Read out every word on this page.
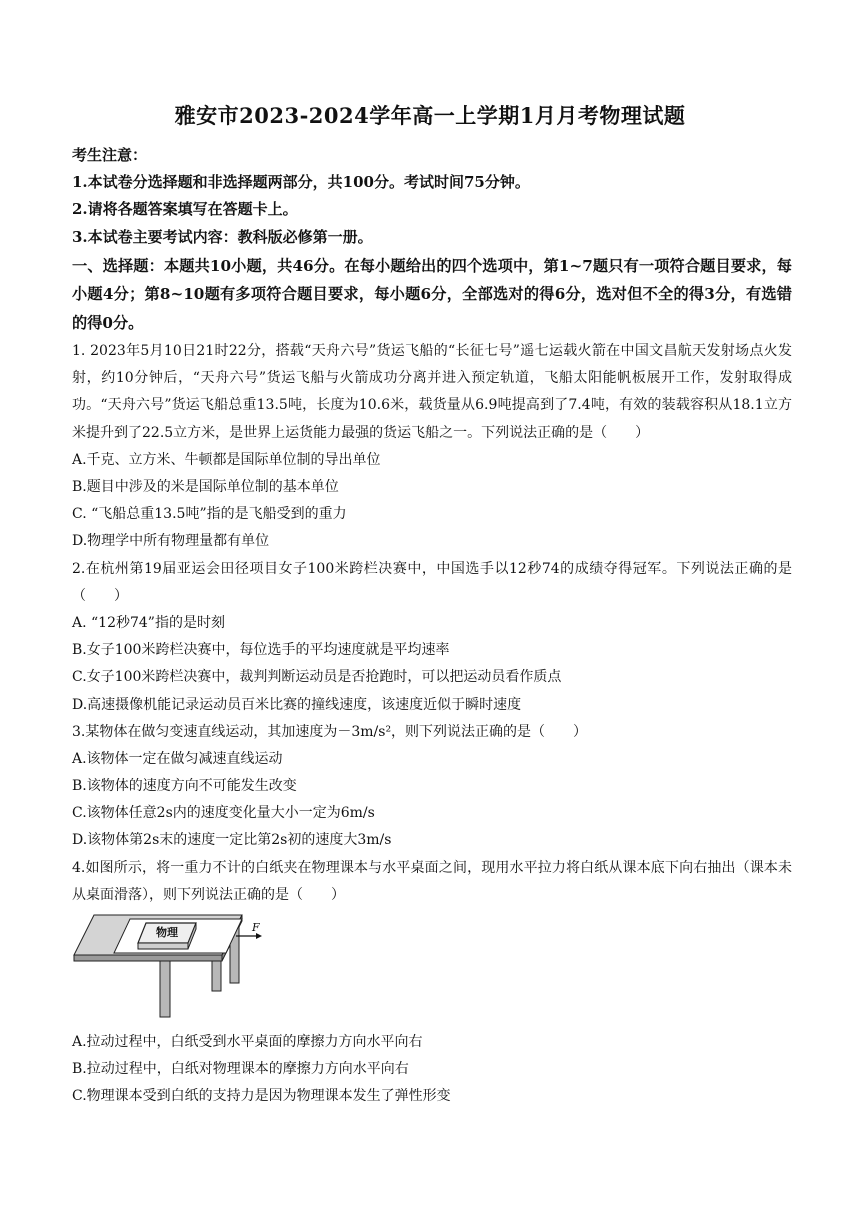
雅安市2023-2024学年高一上学期1月月考物理试题
考生注意：
1.本试卷分选择题和非选择题两部分，共100分。考试时间75分钟。
2.请将各题答案填写在答题卡上。
3.本试卷主要考试内容：教科版必修第一册。
一、选择题：本题共10小题，共46分。在每小题给出的四个选项中，第1~7题只有一项符合题目要求，每小题4分；第8~10题有多项符合题目要求，每小题6分，全部选对的得6分，选对但不全的得3分，有选错的得0分。
1. 2023年5月10日21时22分，搭载“天舟六号”货运飞船的“长征七号”遥七运载火箭在中国文昌航天发射场点火发射，约10分钟后，“天舟六号”货运飞船与火箭成功分离并进入预定轨道，飞船太阳能帆板展开工作，发射取得成功。“天舟六号”货运飞船总重13.5吨，长度为10.6米，载货量从6.9吨提高到了7.4吨，有效的装载容积从18.1立方米提升到了22.5立方米，是世界上运货能力最强的货运飞船之一。下列说法正确的是（　　）
A.千克、立方米、牛顿都是国际单位制的导出单位
B.题目中涉及的米是国际单位制的基本单位
C. “飞船总重13.5吨”指的是飞船受到的重力
D.物理学中所有物理量都有单位
2.在杭州第19届亚运会田径项目女子100米跨栏决赛中，中国选手以12秒74的成绩夺得冠军。下列说法正确的是（　　）
A. “12秒74”指的是时刻
B.女子100米跨栏决赛中，每位选手的平均速度就是平均速率
C.女子100米跨栏决赛中，裁判判断运动员是否抢跑时，可以把运动员看作质点
D.高速摄像机能记录运动员百米比赛的撞线速度，该速度近似于瞬时速度
3.某物体在做匀变速直线运动，其加速度为－3m/s²，则下列说法正确的是（　　）
A.该物体一定在做匀减速直线运动
B.该物体的速度方向不可能发生改变
C.该物体任意2s内的速度变化量大小一定为6m/s
D.该物体第2s末的速度一定比第2s初的速度大3m/s
4.如图所示，将一重力不计的白纸夹在物理课本与水平桌面之间，现用水平拉力将白纸从课本底下向右抽出（课本未从桌面滑落），则下列说法正确的是（　　）
物理	F
A.拉动过程中，白纸受到水平桌面的摩擦力方向水平向右
B.拉动过程中，白纸对物理课本的摩擦力方向水平向右
C.物理课本受到白纸的支持力是因为物理课本发生了弹性形变
